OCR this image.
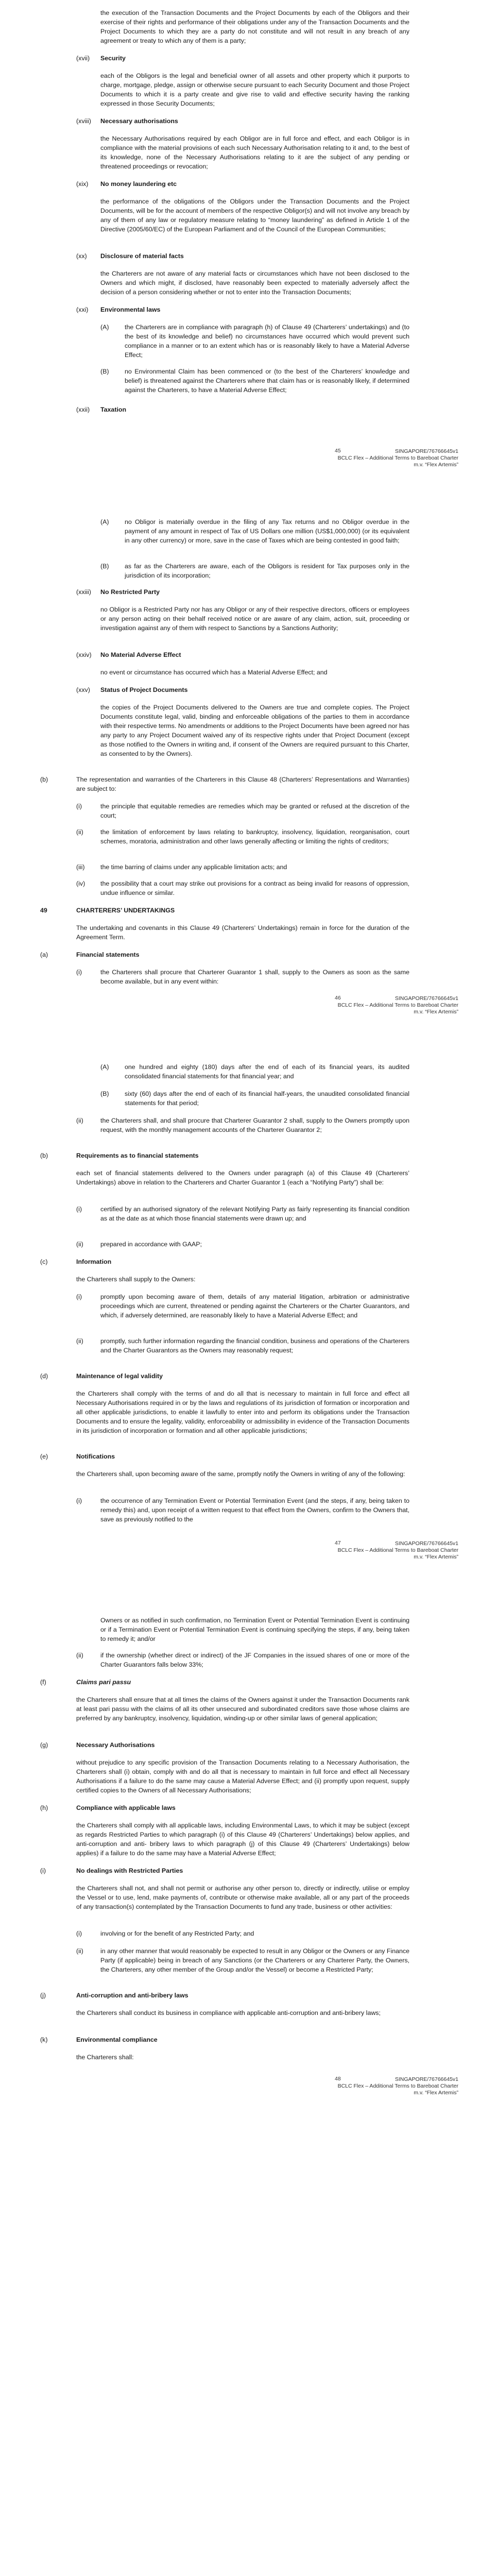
the execution of the Transaction Documents and the Project Documents by each of the Obligors and their exercise of their rights and performance of their obligations under any of the Transaction Documents and the Project Documents to which they are a party do not constitute and will not result in any breach of any agreement or treaty to which any of them is a party;

(xvii) Security

each of the Obligors is the legal and beneficial owner of all assets and other property which it purports to charge, mortgage, pledge, assign or otherwise secure pursuant to each Security Document and those Project Documents to which it is a party create and give rise to valid and effective security having the ranking expressed in those Security Documents;

(xviii) Necessary authorisations

the Necessary Authorisations required by each Obligor are in full force and effect, and each Obligor is in compliance with the material provisions of each such Necessary Authorisation relating to it and, to the best of its knowledge, none of the Necessary Authorisations relating to it are the subject of any pending or threatened proceedings or revocation;

(xix) No money laundering etc

the performance of the obligations of the Obligors under the Transaction Documents and the Project Documents, will be for the account of members of the respective Obligor(s) and will not involve any breach by any of them of any law or regulatory measure relating to “money laundering” as defined in Article 1 of the Directive (2005/60/EC) of the European Parliament and of the Council of the European Communities;

(xx) Disclosure of material facts

the Charterers are not aware of any material facts or circumstances which have not been disclosed to the Owners and which might, if disclosed, have reasonably been expected to materially adversely affect the decision of a person considering whether or not to enter into the Transaction Documents;

(xxi) Environmental laws
(A) the Charterers are in compliance with paragraph (h) of Clause 49 (Charterers’ undertakings) and (to the best of its knowledge and belief) no circumstances have occurred which would prevent such compliance in a manner or to an extent which has or is reasonably likely to have a Material Adverse Effect;

(B) no Environmental Claim has been commenced or (to the best of the Charterers’ knowledge and belief) is threatened against the Charterers where that claim has or is reasonably likely, if determined against the Charterers, to have a Material Adverse Effect;

(xxii) Taxation
45	SINGAPORE/76766645v1
BCLC Flex – Additional Terms to Bareboat Charter
m.v. “Flex Artemis”
(A) no Obligor is materially overdue in the filing of any Tax returns and no Obligor overdue in the payment of any amount in respect of Tax of US Dollars one million (US$1,000,000) (or its equivalent in any other currency) or more, save in the case of Taxes which are being contested in good faith;

(B) as far as the Charterers are aware, each of the Obligors is resident for Tax purposes only in the jurisdiction of its incorporation;

(xxiii) No Restricted Party

no Obligor is a Restricted Party nor has any Obligor or any of their respective directors, officers or employees or any person acting on their behalf received notice or are aware of any claim, action, suit, proceeding or investigation against any of them with respect to Sanctions by a Sanctions Authority;

(xxiv) No Material Adverse Effect

no event or circumstance has occurred which has a Material Adverse Effect; and

(xxv) Status of Project Documents

the copies of the Project Documents delivered to the Owners are true and complete copies. The Project Documents constitute legal, valid, binding and enforceable obligations of the parties to them in accordance with their respective terms. No amendments or additions to the Project Documents have been agreed nor has any party to any Project Document waived any of its respective rights under that Project Document (except as those notified to the Owners in writing and, if consent of the Owners are required pursuant to this Charter, as consented to by the Owners).

(b)	The representation and warranties of the Charterers in this Clause 48 (Charterers’ Representations and Warranties) are subject to:

(i)	the principle that equitable remedies are remedies which may be granted or refused at the discretion of the court;

(ii)	the limitation of enforcement by laws relating to bankruptcy, insolvency, liquidation, reorganisation, court schemes, moratoria, administration and other laws generally affecting or limiting the rights of creditors;

(iii) the time barring of claims under any applicable limitation acts; and

(iv) the possibility that a court may strike out provisions for a contract as being invalid for reasons of oppression, undue influence or similar.

49	CHARTERERS’ UNDERTAKINGS

The undertaking and covenants in this Clause 49 (Charterers’ Undertakings) remain in force for the duration of the Agreement Term.

(a)	Financial statements
(i)	the Charterers shall procure that Charterer Guarantor 1 shall, supply to the Owners as soon as the same become available, but in any event within:

46	SINGAPORE/76766645v1
BCLC Flex – Additional Terms to Bareboat Charter
m.v. “Flex Artemis”
(A) one hundred and eighty (180) days after the end of each of its financial years, its audited consolidated financial statements for that financial year; and

(B) sixty (60) days after the end of each of its financial half-years, the unaudited consolidated financial statements for that period;

(ii)	the Charterers shall, and shall procure that Charterer Guarantor 2 shall, supply to the Owners promptly upon request, with the monthly management accounts of the Charterer Guarantor 2;

(b)	Requirements as to financial statements

each set of financial statements delivered to the Owners under paragraph (a) of this Clause 49 (Charterers’ Undertakings) above in relation to the Charterers and Charter Guarantor 1 (each a “Notifying Party”) shall be:

(i)	certified by an authorised signatory of the relevant Notifying Party as fairly representing its financial condition as at the date as at which those financial statements were drawn up; and

(ii)	prepared in accordance with GAAP;

(c)	Information

the Charterers shall supply to the Owners:

(i)	promptly upon becoming aware of them, details of any material litigation, arbitration or administrative proceedings which are current, threatened or pending against the Charterers or the Charter Guarantors, and which, if adversely determined, are reasonably likely to have a Material Adverse Effect; and

(ii)	promptly, such further information regarding the financial condition, business and operations of the Charterers and the Charter Guarantors as the Owners may reasonably request;

(d)	Maintenance of legal validity

the Charterers shall comply with the terms of and do all that is necessary to maintain in full force and effect all Necessary Authorisations required in or by the laws and regulations of its jurisdiction of formation or incorporation and all other applicable jurisdictions, to enable it lawfully to enter into and perform its obligations under the Transaction Documents and to ensure the legality, validity, enforceability or admissibility in evidence of the Transaction Documents in its jurisdiction of incorporation or formation and all other applicable jurisdictions;

(e)	Notifications

the Charterers shall, upon becoming aware of the same, promptly notify the Owners in writing of any of the following:

(i)	the occurrence of any Termination Event or Potential Termination Event (and the steps, if any, being taken to remedy this) and, upon receipt of a written request to that effect from the Owners, confirm to the Owners that, save as previously notified to the

47	SINGAPORE/76766645v1
BCLC Flex – Additional Terms to Bareboat Charter
m.v. “Flex Artemis”

Owners or as notified in such confirmation, no Termination Event or Potential Termination Event is continuing or if a Termination Event or Potential Termination Event is continuing specifying the steps, if any, being taken to remedy it; and/or

(ii)	if the ownership (whether direct or indirect) of the JF Companies in the issued shares of one or more of the Charter Guarantors falls below 33%;

(f)	Claims pari passu

the Charterers shall ensure that at all times the claims of the Owners against it under the Transaction Documents rank at least pari passu with the claims of all its other unsecured and subordinated creditors save those whose claims are preferred by any bankruptcy, insolvency, liquidation, winding-up or other similar laws of general application;

(g)	Necessary Authorisations

without prejudice to any specific provision of the Transaction Documents relating to a Necessary Authorisation, the Charterers shall (i) obtain, comply with and do all that is necessary to maintain in full force and effect all Necessary Authorisations if a failure to do the same may cause a Material Adverse Effect; and (ii) promptly upon request, supply certified copies to the Owners of all Necessary Authorisations;

(h)	Compliance with applicable laws

the Charterers shall comply with all applicable laws, including Environmental Laws, to which it may be subject (except as regards Restricted Parties to which paragraph (i) of this Clause 49 (Charterers’ Undertakings) below applies, and anti-corruption and anti- bribery laws to which paragraph (j) of this Clause 49 (Charterers’ Undertakings) below applies) if a failure to do the same may have a Material Adverse Effect;

(i)	No dealings with Restricted Parties

the Charterers shall not, and shall not permit or authorise any other person to, directly or indirectly, utilise or employ the Vessel or to use, lend, make payments of, contribute or otherwise make available, all or any part of the proceeds of any transaction(s) contemplated by the Transaction Documents to fund any trade, business or other activities:

(i)	involving or for the benefit of any Restricted Party; and

(ii)	in any other manner that would reasonably be expected to result in any Obligor or the Owners or any Finance Party (if applicable) being in breach of any Sanctions (or the Charterers or any Charterer Party, the Owners, the Charterers, any other member of the Group and/or the Vessel) or become a Restricted Party;

(j)	Anti-corruption and anti-bribery laws

the Charterers shall conduct its business in compliance with applicable anti-corruption and anti-bribery laws;

(k)	Environmental compliance

the Charterers shall:

48	SINGAPORE/76766645v1
BCLC Flex – Additional Terms to Bareboat Charter
m.v. “Flex Artemis”
